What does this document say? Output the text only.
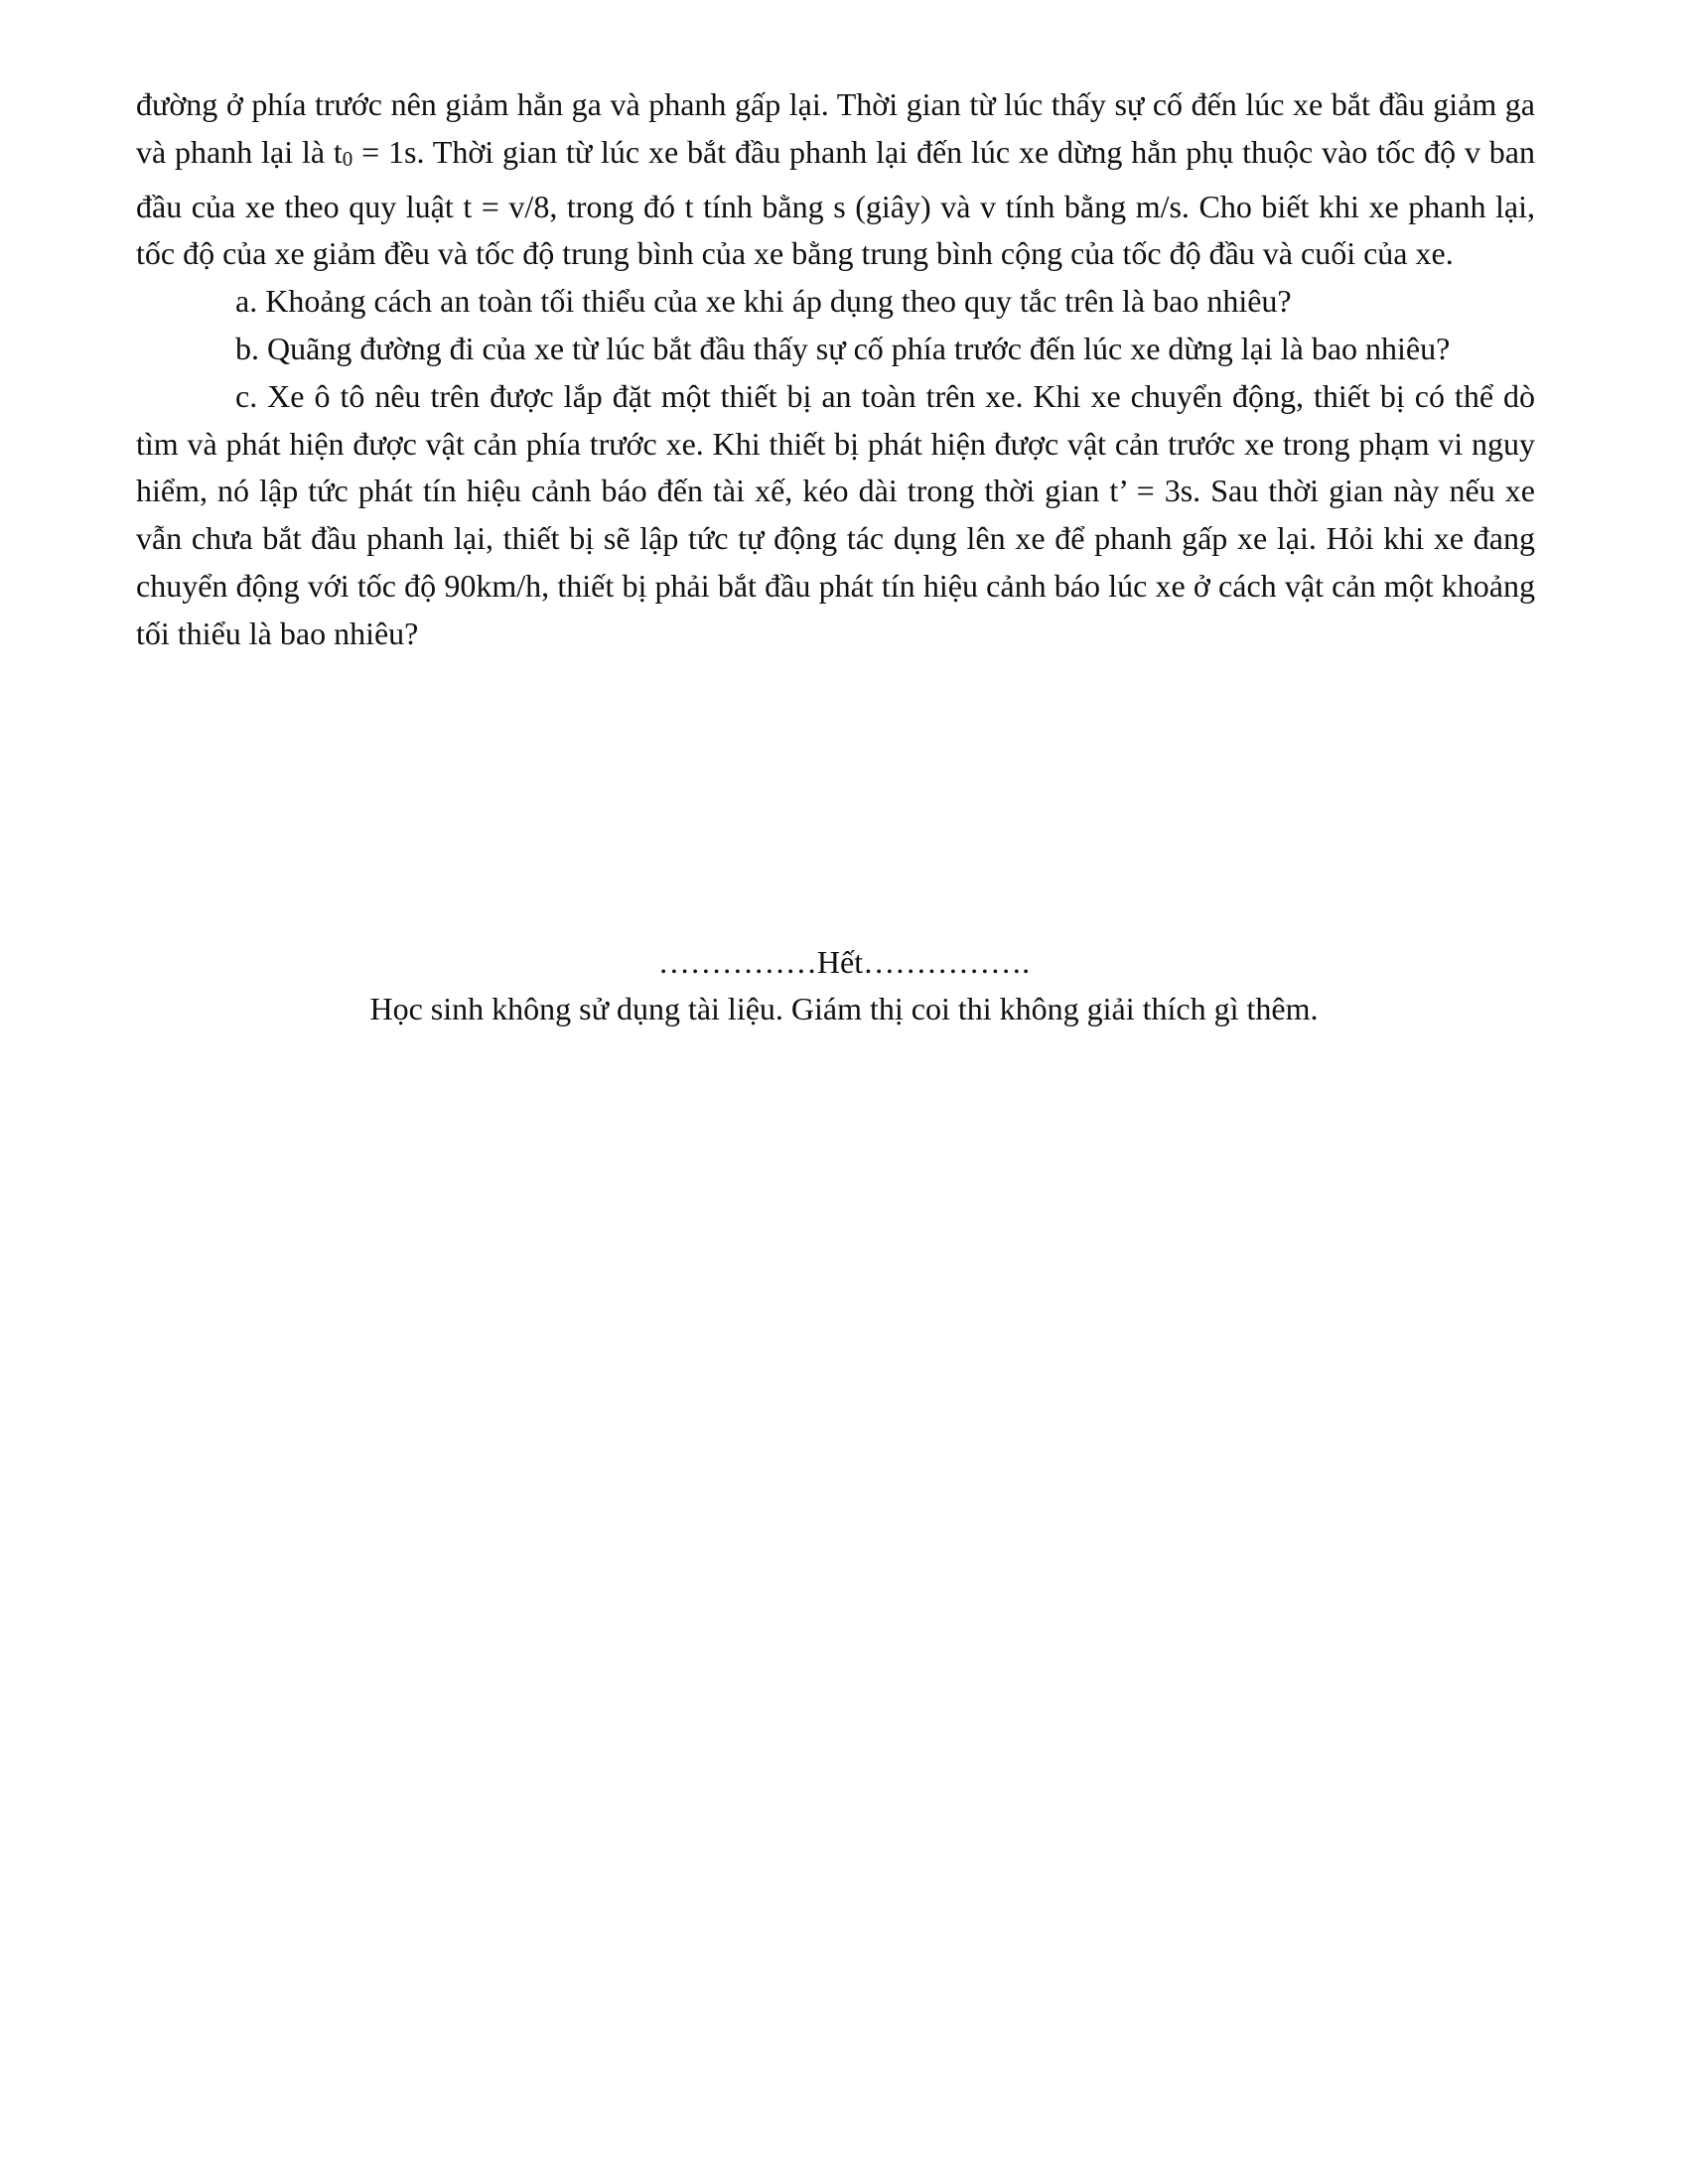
đường ở phía trước nên giảm hẳn ga và phanh gấp lại. Thời gian từ lúc thấy sự cố đến lúc xe bắt đầu giảm ga và phanh lại là t0 = 1s. Thời gian từ lúc xe bắt đầu phanh lại đến lúc xe dừng hẳn phụ thuộc vào tốc độ v ban đầu của xe theo quy luật t = v/8, trong đó t tính bằng s (giây) và v tính bằng m/s. Cho biết khi xe phanh lại, tốc độ của xe giảm đều và tốc độ trung bình của xe bằng trung bình cộng của tốc độ đầu và cuối của xe.

a. Khoảng cách an toàn tối thiểu của xe khi áp dụng theo quy tắc trên là bao nhiêu?

b. Quãng đường đi của xe từ lúc bắt đầu thấy sự cố phía trước đến lúc xe dừng lại là bao nhiêu?

c. Xe ô tô nêu trên được lắp đặt một thiết bị an toàn trên xe. Khi xe chuyển động, thiết bị có thể dò tìm và phát hiện được vật cản phía trước xe. Khi thiết bị phát hiện được vật cản trước xe trong phạm vi nguy hiểm, nó lập tức phát tín hiệu cảnh báo đến tài xế, kéo dài trong thời gian t’ = 3s. Sau thời gian này nếu xe vẫn chưa bắt đầu phanh lại, thiết bị sẽ lập tức tự động tác dụng lên xe để phanh gấp xe lại. Hỏi khi xe đang chuyển động với tốc độ 90km/h, thiết bị phải bắt đầu phát tín hiệu cảnh báo lúc xe ở cách vật cản một khoảng tối thiểu là bao nhiêu?

……………Hết…………….

Học sinh không sử dụng tài liệu. Giám thị coi thi không giải thích gì thêm.
